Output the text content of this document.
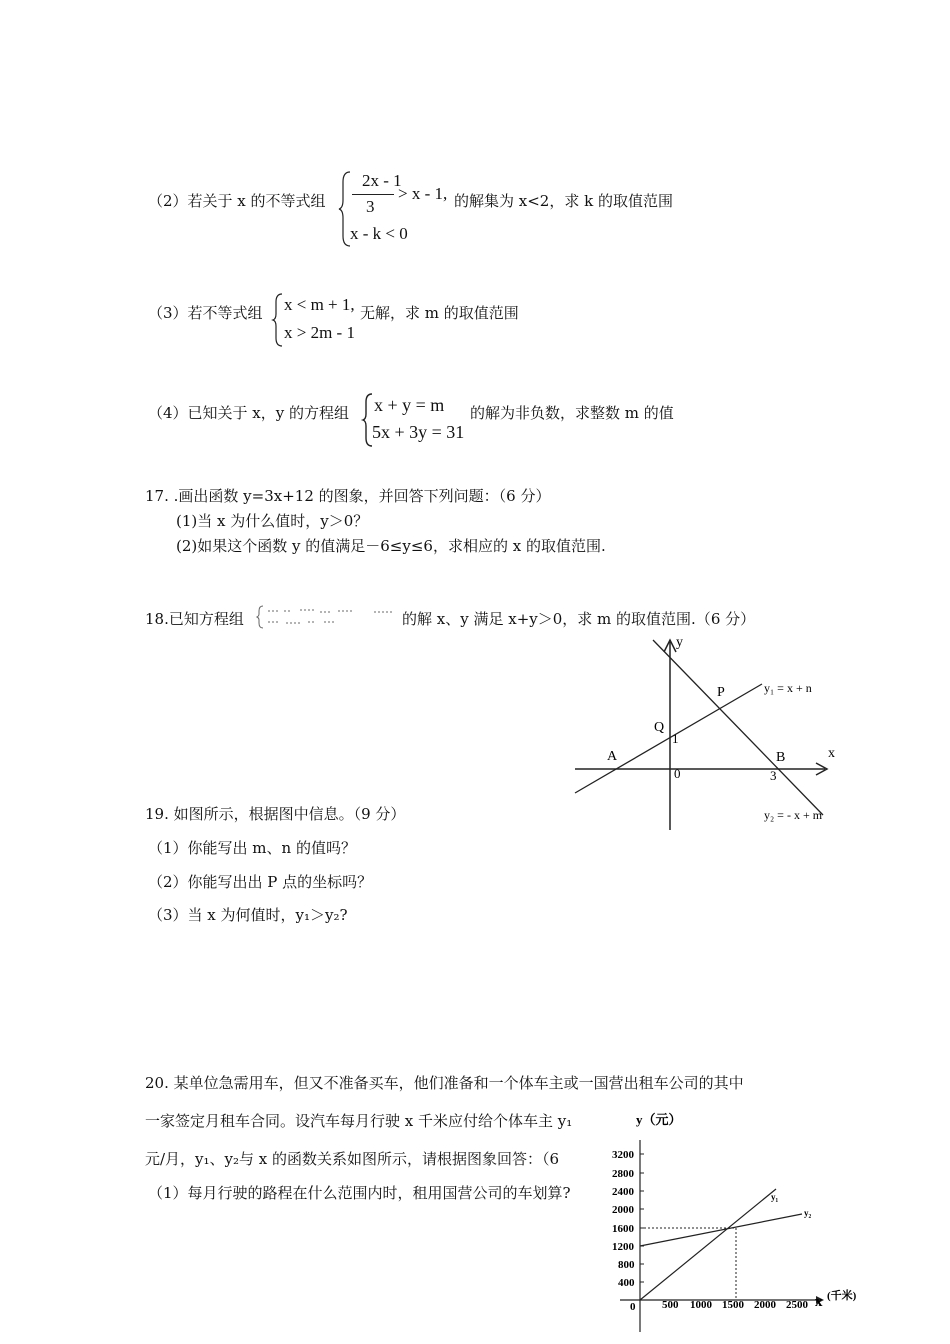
（2）若关于 x 的不等式组
2x - 1
3
> x - 1,
x - k < 0
的解集为 x<2，求 k 的取值范围
（3）若不等式组 x < m + 1,
x > 2m - 1
无解，求 m 的取值范围
（4）已知关于 x，y 的方程组 x + y = m
5x + 3y = 31
的解为非负数，求整数 m 的值
17. .画出函数 y=3x+12 的图象，并回答下列问题：（6 分）
(1)当 x 为什么值时，y＞0？
(2)如果这个函数 y 的值满足－6≤y≤6，求相应的 x 的取值范围.
18.已知方程组	的解 x、y 满足 x+y＞0，求 m 的取值范围.（6 分）
y
x
0
P
Q
A	B
1
3
y₁ = x + n
y₂ = - x + m
19. 如图所示，根据图中信息。（9 分）
（1）你能写出 m、n 的值吗？
（2）你能写出出 P 点的坐标吗？
（3）当 x 为何值时，y₁＞y₂?
20. 某单位急需用车，但又不准备买车，他们准备和一个体车主或一国营出租车公司的其中
一家签定月租车合同。设汽车每月行驶 x 千米应付给个体车主 y₁
元/月，y₁、y₂与 x 的函数关系如图所示，请根据图象回答：（6
（1）每月行驶的路程在什么范围内时，租用国营公司的车划算?
3200
2800
2400
2000
1600
1200
800
400
0 500 1000 1500 2000 2500
y（元）
x (千米)
y₁
y₂
